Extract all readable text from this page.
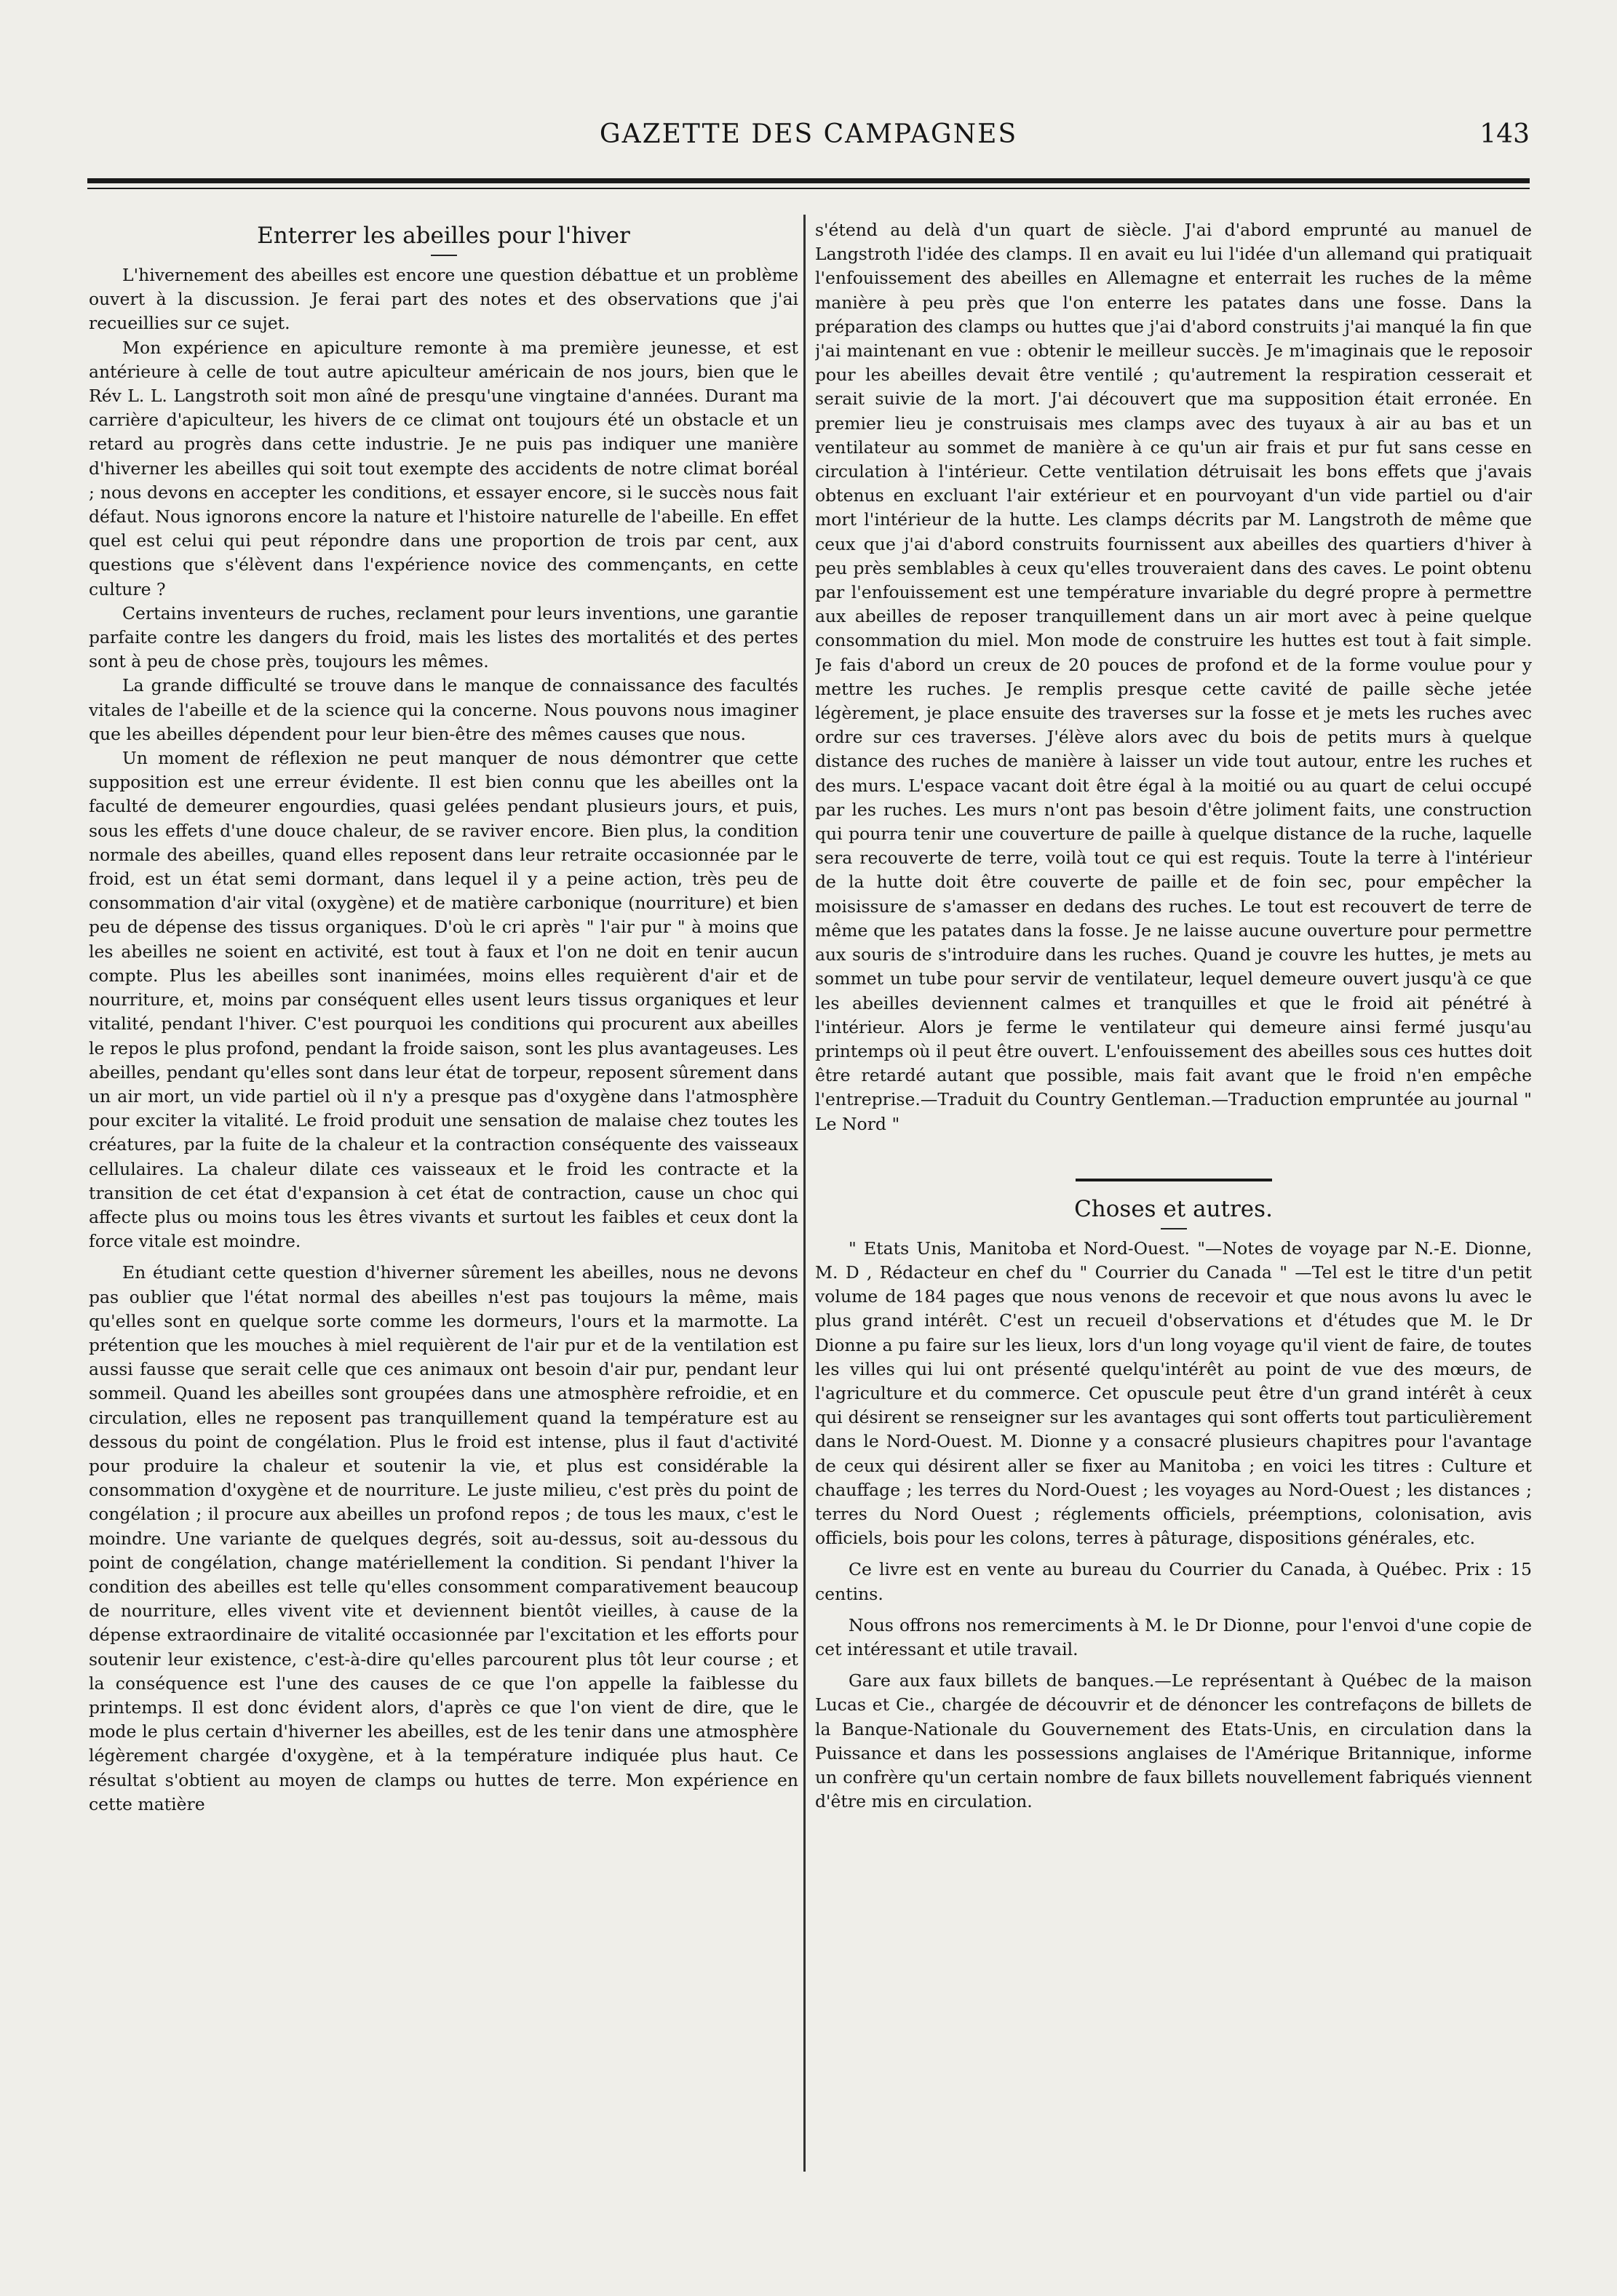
GAZETTE DES CAMPAGNES	143
Enterrer les abeilles pour l'hiver

L'hivernement des abeilles est encore une question débattue et un problème ouvert à la discussion. Je ferai part des notes et des observations que j'ai recueillies sur ce sujet.

Mon expérience en apiculture remonte à ma première jeunesse, et est antérieure à celle de tout autre apiculteur américain de nos jours, bien que le Rév L. L. Langstroth soit mon aîné de presqu'une vingtaine d'années. Durant ma carrière d'apiculteur, les hivers de ce climat ont toujours été un obstacle et un retard au progrès dans cette industrie. Je ne puis pas indiquer une manière d'hiverner les abeilles qui soit tout exempte des accidents de notre climat boréal ; nous devons en accepter les conditions, et essayer encore, si le succès nous fait défaut. Nous ignorons encore la nature et l'histoire naturelle de l'abeille. En effet quel est celui qui peut répondre dans une proportion de trois par cent, aux questions que s'élèvent dans l'expérience novice des commençants, en cette culture ?

Certains inventeurs de ruches, reclament pour leurs inventions, une garantie parfaite contre les dangers du froid, mais les listes des mortalités et des pertes sont à peu de chose près, toujours les mêmes.

La grande difficulté se trouve dans le manque de connaissance des facultés vitales de l'abeille et de la science qui la concerne. Nous pouvons nous imaginer que les abeilles dépendent pour leur bien-être des mêmes causes que nous.

Un moment de réflexion ne peut manquer de nous démontrer que cette supposition est une erreur évidente. Il est bien connu que les abeilles ont la faculté de demeurer engourdies, quasi gelées pendant plusieurs jours, et puis, sous les effets d'une douce chaleur, de se raviver encore. Bien plus, la condition normale des abeilles, quand elles reposent dans leur retraite occasionnée par le froid, est un état semi dormant, dans lequel il y a peine action, très peu de consommation d'air vital (oxygène) et de matière carbonique (nourriture) et bien peu de dépense des tissus organiques. D'où le cri après " l'air pur " à moins que les abeilles ne soient en activité, est tout à faux et l'on ne doit en tenir aucun compte. Plus les abeilles sont inanimées, moins elles requièrent d'air et de nourriture, et, moins par conséquent elles usent leurs tissus organiques et leur vitalité, pendant l'hiver. C'est pourquoi les conditions qui procurent aux abeilles le repos le plus profond, pendant la froide saison, sont les plus avantageuses. Les abeilles, pendant qu'elles sont dans leur état de torpeur, reposent sûrement dans un air mort, un vide partiel où il n'y a presque pas d'oxygène dans l'atmosphère pour exciter la vitalité. Le froid produit une sensation de malaise chez toutes les créatures, par la fuite de la chaleur et la contraction conséquente des vaisseaux cellulaires. La chaleur dilate ces vaisseaux et le froid les contracte et la transition de cet état d'expansion à cet état de contraction, cause un choc qui affecte plus ou moins tous les êtres vivants et surtout les faibles et ceux dont la force vitale est moindre.

En étudiant cette question d'hiverner sûrement les abeilles, nous ne devons pas oublier que l'état normal des abeilles n'est pas toujours la même, mais qu'elles sont en quelque sorte comme les dormeurs, l'ours et la marmotte. La prétention que les mouches à miel requièrent de l'air pur et de la ventilation est aussi fausse que serait celle que ces animaux ont besoin d'air pur, pendant leur sommeil. Quand les abeilles sont groupées dans une atmosphère refroidie, et en circulation, elles ne reposent pas tranquillement quand la température est au dessous du point de congélation. Plus le froid est intense, plus il faut d'activité pour produire la chaleur et soutenir la vie, et plus est considérable la consommation d'oxygène et de nourriture. Le juste milieu, c'est près du point de congélation ; il procure aux abeilles un profond repos ; de tous les maux, c'est le moindre. Une variante de quelques degrés, soit au-dessus, soit au-dessous du point de congélation, change matériellement la condition. Si pendant l'hiver la condition des abeilles est telle qu'elles consomment comparativement beaucoup de nourriture, elles vivent vite et deviennent bientôt vieilles, à cause de la dépense extraordinaire de vitalité occasionnée par l'excitation et les efforts pour soutenir leur existence, c'est-à-dire qu'elles parcourent plus tôt leur course ; et la conséquence est l'une des causes de ce que l'on appelle la faiblesse du printemps. Il est donc évident alors, d'après ce que l'on vient de dire, que le mode le plus certain d'hiverner les abeilles, est de les tenir dans une atmosphère légèrement chargée d'oxygène, et à la température indiquée plus haut. Ce résultat s'obtient au moyen de clamps ou huttes de terre. Mon expérience en cette matière

s'étend au delà d'un quart de siècle. J'ai d'abord emprunté au manuel de Langstroth l'idée des clamps. Il en avait eu lui l'idée d'un allemand qui pratiquait l'enfouissement des abeilles en Allemagne et enterrait les ruches de la même manière à peu près que l'on enterre les patates dans une fosse. Dans la préparation des clamps ou huttes que j'ai d'abord construits j'ai manqué la fin que j'ai maintenant en vue : obtenir le meilleur succès. Je m'imaginais que le reposoir pour les abeilles devait être ventilé ; qu'autrement la respiration cesserait et serait suivie de la mort. J'ai découvert que ma supposition était erronée. En premier lieu je construisais mes clamps avec des tuyaux à air au bas et un ventilateur au sommet de manière à ce qu'un air frais et pur fut sans cesse en circulation à l'intérieur. Cette ventilation détruisait les bons effets que j'avais obtenus en excluant l'air extérieur et en pourvoyant d'un vide partiel ou d'air mort l'intérieur de la hutte. Les clamps décrits par M. Langstroth de même que ceux que j'ai d'abord construits fournissent aux abeilles des quartiers d'hiver à peu près semblables à ceux qu'elles trouveraient dans des caves. Le point obtenu par l'enfouissement est une température invariable du degré propre à permettre aux abeilles de reposer tranquillement dans un air mort avec à peine quelque consommation du miel. Mon mode de construire les huttes est tout à fait simple. Je fais d'abord un creux de 20 pouces de profond et de la forme voulue pour y mettre les ruches. Je remplis presque cette cavité de paille sèche jetée légèrement, je place ensuite des traverses sur la fosse et je mets les ruches avec ordre sur ces traverses. J'élève alors avec du bois de petits murs à quelque distance des ruches de manière à laisser un vide tout autour, entre les ruches et des murs. L'espace vacant doit être égal à la moitié ou au quart de celui occupé par les ruches. Les murs n'ont pas besoin d'être joliment faits, une construction qui pourra tenir une couverture de paille à quelque distance de la ruche, laquelle sera recouverte de terre, voilà tout ce qui est requis. Toute la terre à l'intérieur de la hutte doit être couverte de paille et de foin sec, pour empêcher la moisissure de s'amasser en dedans des ruches. Le tout est recouvert de terre de même que les patates dans la fosse. Je ne laisse aucune ouverture pour permettre aux souris de s'introduire dans les ruches. Quand je couvre les huttes, je mets au sommet un tube pour servir de ventilateur, lequel demeure ouvert jusqu'à ce que les abeilles deviennent calmes et tranquilles et que le froid ait pénétré à l'intérieur. Alors je ferme le ventilateur qui demeure ainsi fermé jusqu'au printemps où il peut être ouvert. L'enfouissement des abeilles sous ces huttes doit être retardé autant que possible, mais fait avant que le froid n'en empêche l'entreprise.—Traduit du Country Gentleman.—Traduction empruntée au journal " Le Nord "

Choses et autres.

" Etats Unis, Manitoba et Nord-Ouest. "—Notes de voyage par N.-E. Dionne, M. D , Rédacteur en chef du " Courrier du Canada " —Tel est le titre d'un petit volume de 184 pages que nous venons de recevoir et que nous avons lu avec le plus grand intérêt. C'est un recueil d'observations et d'études que M. le Dr Dionne a pu faire sur les lieux, lors d'un long voyage qu'il vient de faire, de toutes les villes qui lui ont présenté quelqu'intérêt au point de vue des mœurs, de l'agriculture et du commerce. Cet opuscule peut être d'un grand intérêt à ceux qui désirent se renseigner sur les avantages qui sont offerts tout particulièrement dans le Nord-Ouest. M. Dionne y a consacré plusieurs chapitres pour l'avantage de ceux qui désirent aller se fixer au Manitoba ; en voici les titres : Culture et chauffage ; les terres du Nord-Ouest ; les voyages au Nord-Ouest ; les distances ; terres du Nord Ouest ; réglements officiels, préemptions, colonisation, avis officiels, bois pour les colons, terres à pâturage, dispositions générales, etc.

Ce livre est en vente au bureau du Courrier du Canada, à Québec. Prix : 15 centins.

Nous offrons nos remerciments à M. le Dr Dionne, pour l'envoi d'une copie de cet intéressant et utile travail.

Gare aux faux billets de banques.—Le représentant à Québec de la maison Lucas et Cie., chargée de découvrir et de dénoncer les contrefaçons de billets de la Banque-Nationale du Gouvernement des Etats-Unis, en circulation dans la Puissance et dans les possessions anglaises de l'Amérique Britannique, informe un confrère qu'un certain nombre de faux billets nouvellement fabriqués viennent d'être mis en circulation.
